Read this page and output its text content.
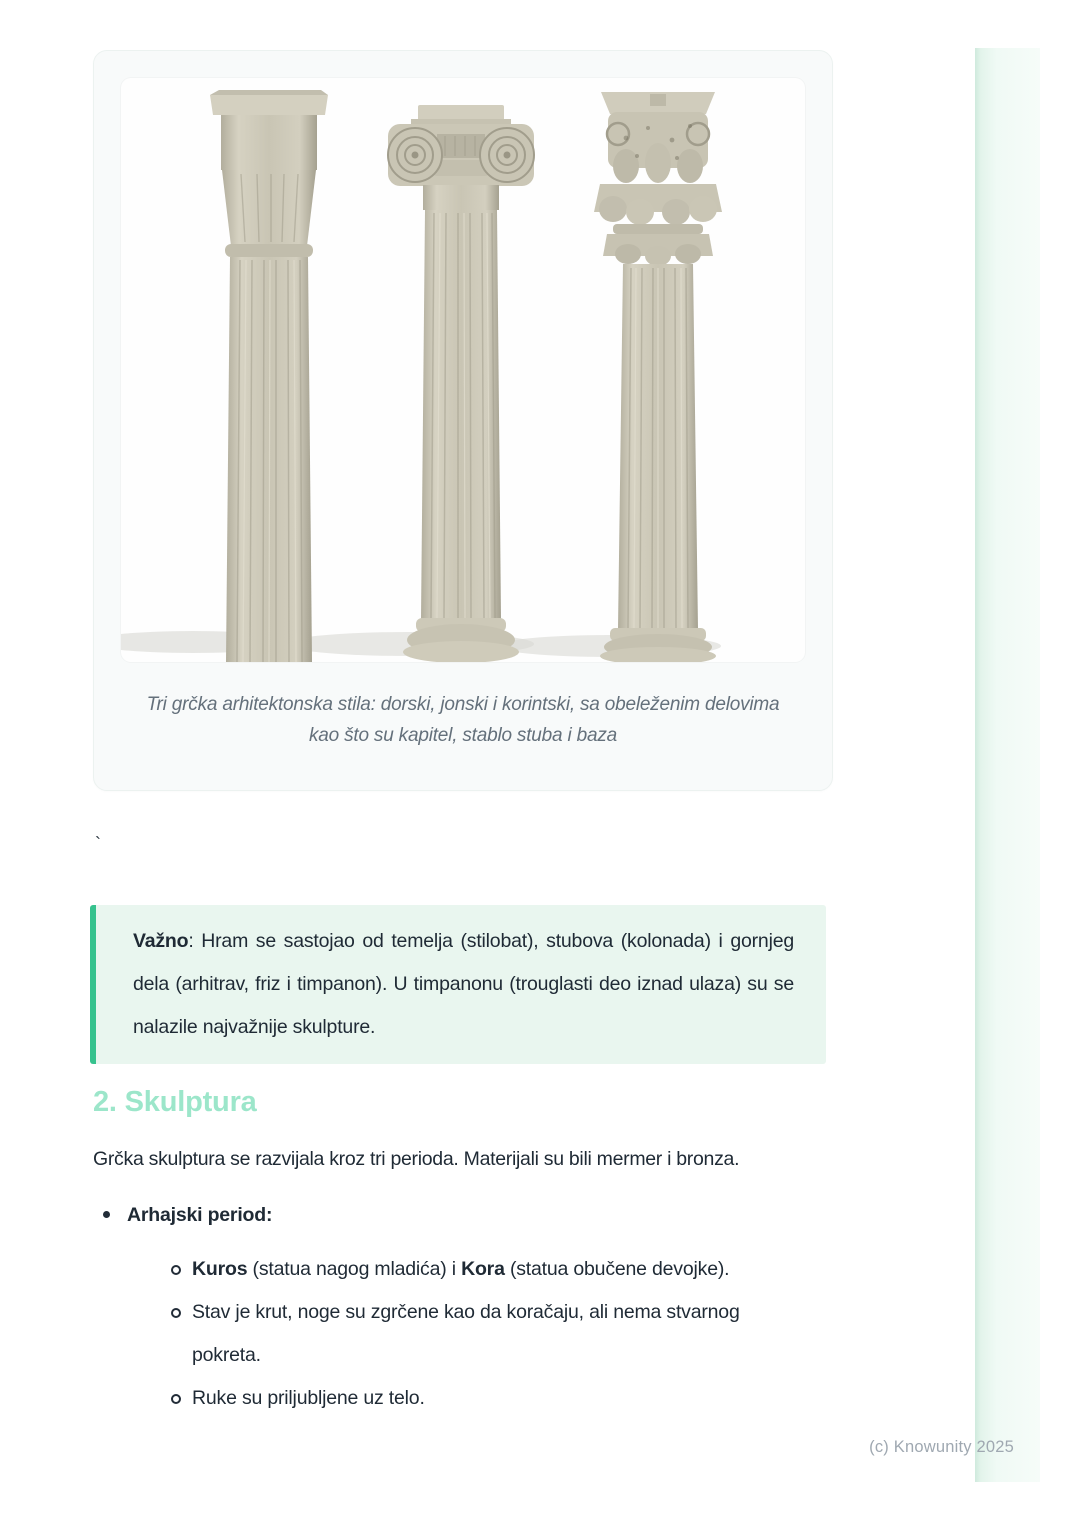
Tri grčka arhitektonska stila: dorski, jonski i korintski, sa obeleženim delovima
kao što su kapitel, stablo stuba i baza
`

Važno: Hram se sastojao od temelja (stilobat), stubova (kolonada) i gornjeg dela (arhitrav, friz i timpanon). U timpanonu (trouglasti deo iznad ulaza) su se nalazile najvažnije skulpture.

2. Skulptura

Grčka skulptura se razvijala kroz tri perioda. Materijali su bili mermer i bronza.

Arhajski period:
Kuros (statua nagog mladića) i Kora (statua obučene devojke).
Stav je krut, noge su zgrčene kao da koračaju, ali nema stvarnog pokreta.
Ruke su priljubljene uz telo.
(c) Knowunity 2025
